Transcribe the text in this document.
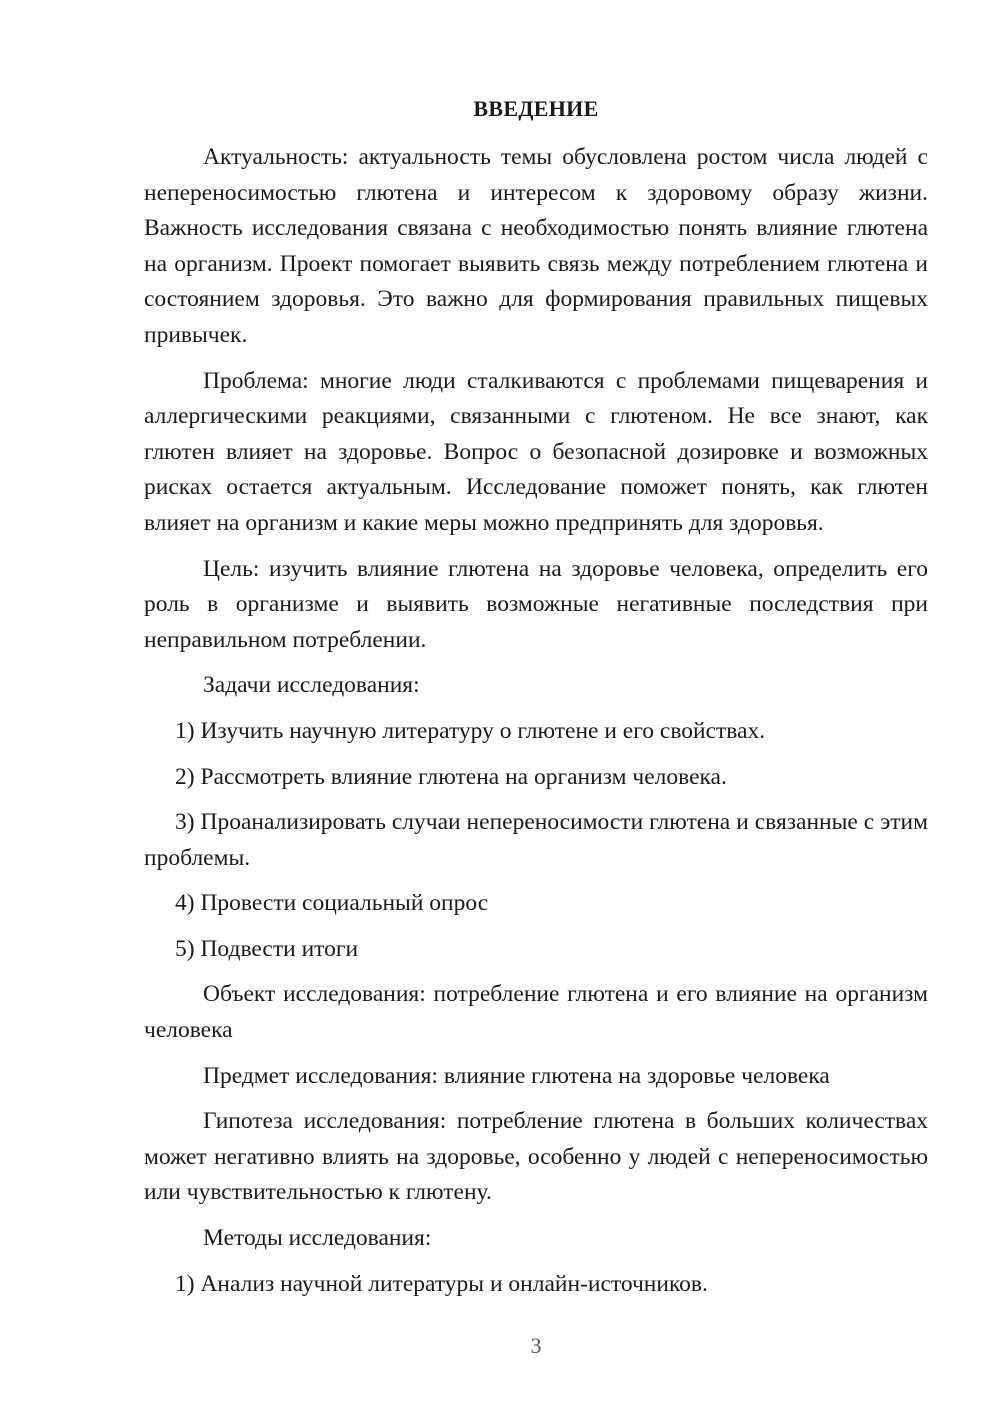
ВВЕДЕНИЕ

Актуальность: актуальность темы обусловлена ростом числа людей с непереносимостью глютена и интересом к здоровому образу жизни. Важность исследования связана с необходимостью понять влияние глютена на организм. Проект помогает выявить связь между потреблением глютена и состоянием здоровья. Это важно для формирования правильных пищевых привычек.

Проблема: многие люди сталкиваются с проблемами пищеварения и аллергическими реакциями, связанными с глютеном. Не все знают, как глютен влияет на здоровье. Вопрос о безопасной дозировке и возможных рисках остается актуальным. Исследование поможет понять, как глютен влияет на организм и какие меры можно предпринять для здоровья.

Цель: изучить влияние глютена на здоровье человека, определить его роль в организме и выявить возможные негативные последствия при неправильном потреблении.

Задачи исследования:

1) Изучить научную литературу о глютене и его свойствах.

2) Рассмотреть влияние глютена на организм человека.

3) Проанализировать случаи непереносимости глютена и связанные с этим проблемы.

4) Провести социальный опрос

5) Подвести итоги

Объект исследования: потребление глютена и его влияние на организм человека

Предмет исследования: влияние глютена на здоровье человека

Гипотеза исследования: потребление глютена в больших количествах может негативно влиять на здоровье, особенно у людей с непереносимостью или чувствительностью к глютену.

Методы исследования:

1) Анализ научной литературы и онлайн-источников.

3
